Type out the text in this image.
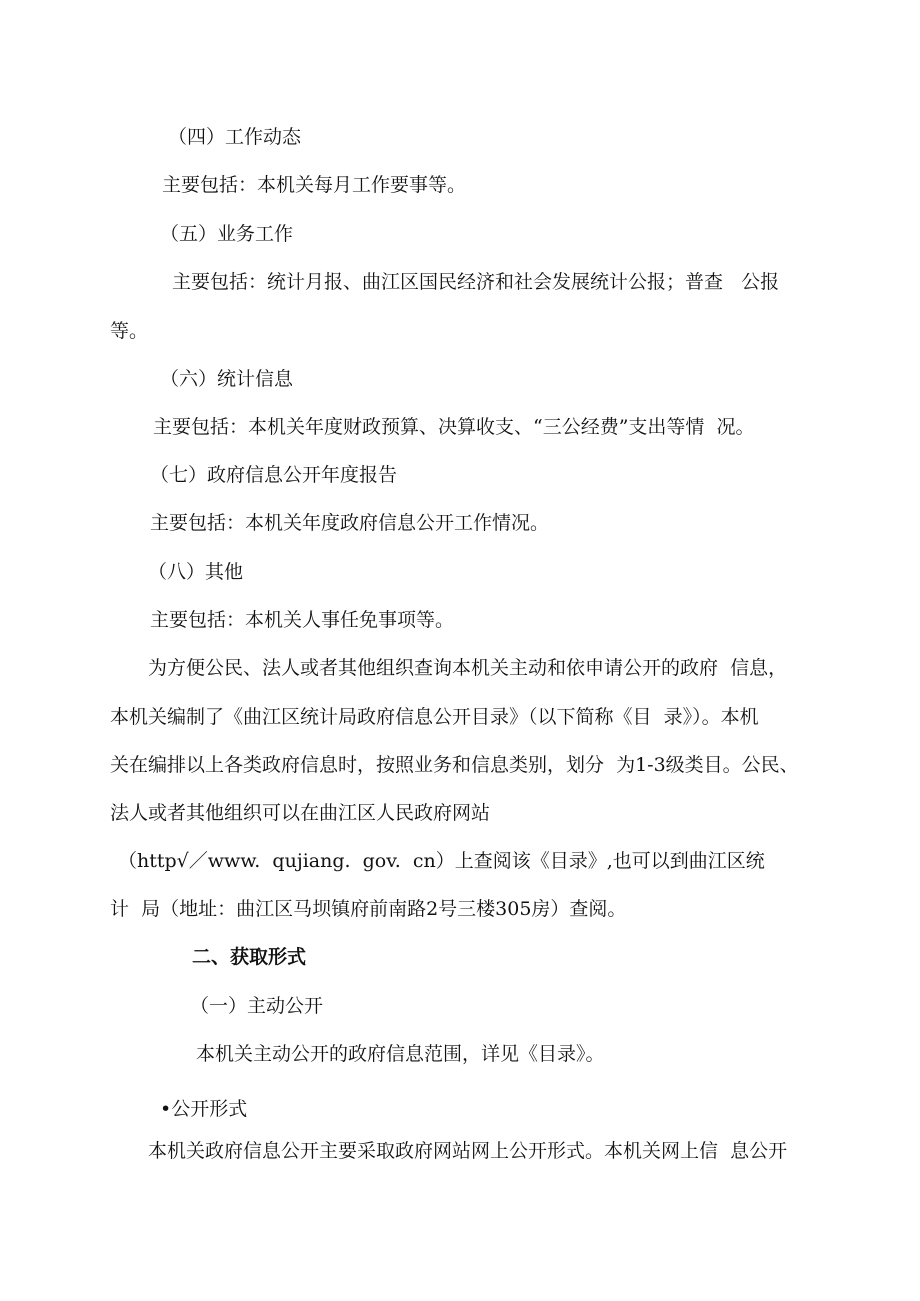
（四）工作动态
主要包括：本机关每月工作要事等。
（五）业务工作
主要包括：统计月报、曲江区国民经济和社会发展统计公报；普查   公报
等。
（六）统计信息
主要包括：本机关年度财政预算、决算收支、“三公经费”支出等情  况。
（七）政府信息公开年度报告
主要包括：本机关年度政府信息公开工作情况。
（八）其他
主要包括：本机关人事任免事项等。
为方便公民、法人或者其他组织查询本机关主动和依申请公开的政府  信息，
本机关编制了《曲江区统计局政府信息公开目录》（以下简称《目  录》）。本机
关在编排以上各类政府信息时，按照业务和信息类别，划分  为1-3级类目。公民、
法人或者其他组织可以在曲江区人民政府网站
（http√／www.  qujiang.  gov.  cn）上查阅该《目录》,也可以到曲江区统
计  局（地址：曲江区马坝镇府前南路2号三楼305房）查阅。
二、获取形式
（一）主动公开
本机关主动公开的政府信息范围，详见《目录》。
•公开形式
本机关政府信息公开主要采取政府网站网上公开形式。本机关网上信  息公开
